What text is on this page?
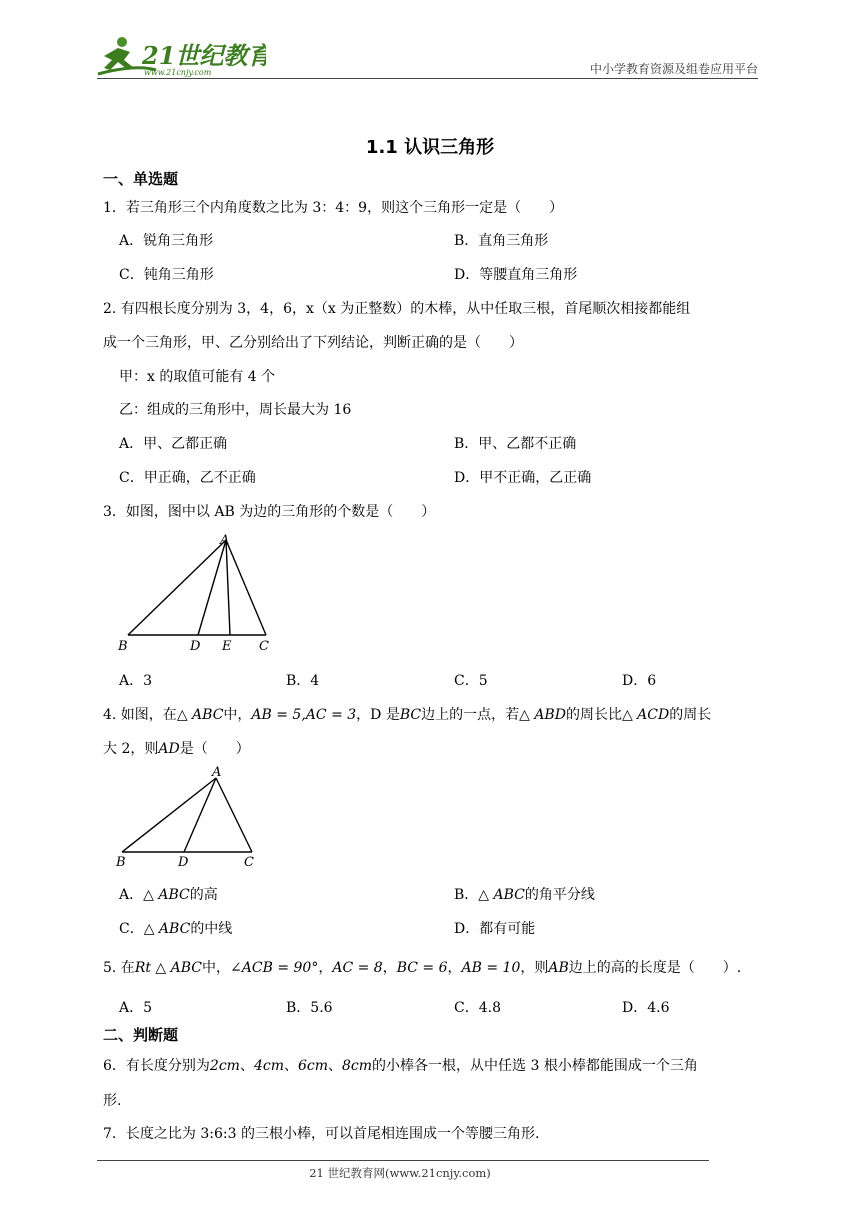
21世纪教育
www.21cnjy.com	中小学教育资源及组卷应用平台
1.1 认识三角形
一、单选题
1．若三角形三个内角度数之比为 3：4：9，则这个三角形一定是（　　）
A．锐角三角形	B．直角三角形
C．钝角三角形	D．等腰直角三角形
2. 有四根长度分别为 3，4，6，x（x 为正整数）的木棒，从中任取三根，首尾顺次相接都能组
成一个三角形，甲、乙分别给出了下列结论，判断正确的是（　　）
甲：x 的取值可能有 4 个
乙：组成的三角形中，周长最大为 16
A．甲、乙都正确	B．甲、乙都不正确
C．甲正确，乙不正确	D．甲不正确，乙正确
3．如图，图中以 AB 为边的三角形的个数是（　　）
A
B	D E C
A．3	B．4	C．5	D．6
4. 如图，在△ ABC中，AB = 5,AC = 3，D 是BC边上的一点，若△ ABD的周长比△ ACD的周长
大 2，则AD是（　　）
A
B	D	C
A．△ ABC的高	B．△ ABC的角平分线
C．△ ABC的中线	D．都有可能
5. 在Rt △ ABC中，∠ACB = 90°，AC = 8，BC = 6，AB = 10，则AB边上的高的长度是（　　）.
A．5	B．5.6	C．4.8	D．4.6
二、判断题
6．有长度分别为2cm、4cm、6cm、8cm的小棒各一根，从中任选 3 根小棒都能围成一个三角
形.
7．长度之比为 3:6:3 的三根小棒，可以首尾相连围成一个等腰三角形.
21 世纪教育网(www.21cnjy.com)
